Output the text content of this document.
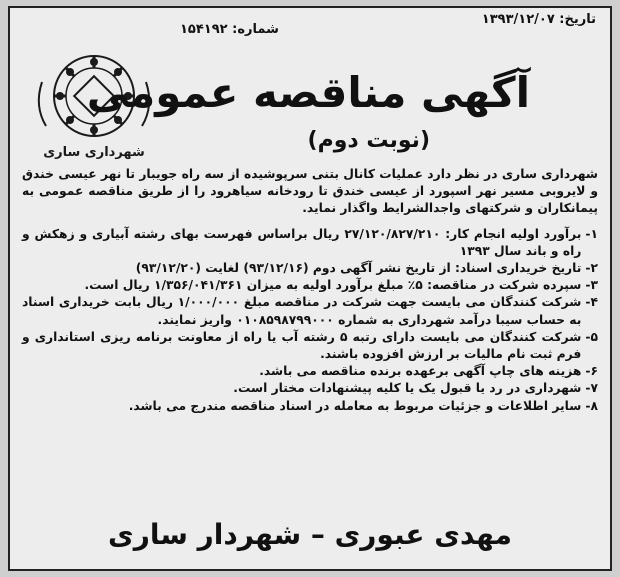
تاریخ: ۱۳۹۳/۱۲/۰۷
شماره: ۱۵۴۱۹۲
شهرداری ساری
آگهی مناقصه عمومی
(نوبت دوم)

شهرداری ساری در نظر دارد عملیات کانال بتنی سرپوشیده از سه راه جویبار تا نهر عیسی خندق و لایروبی مسیر نهر اسپورد از عیسی خندق تا رودخانه سیاهرود را از طریق مناقصه عمومی به پیمانکاران و شرکتهای واجدالشرایط واگذار نماید.

۱-
برآورد اولیه انجام کار: ۲۷/۱۲۰/۸۲۷/۲۱۰ ریال براساس فهرست بهای رشته آبیاری و زهکش و راه و باند سال ۱۳۹۳
۲-
تاریخ خریداری اسناد: از تاریخ نشر آگهی دوم (۹۳/۱۲/۱۶) لغایت (۹۳/۱۲/۲۰)
۳-
سپرده شرکت در مناقصه: ۵٪ مبلغ برآورد اولیه به میزان ۱/۳۵۶/۰۴۱/۳۶۱ ریال است.
۴-
شرکت کنندگان می بایست جهت شرکت در مناقصه مبلغ ۱/۰۰۰/۰۰۰ ریال بابت خریداری اسناد به حساب سیبا درآمد شهرداری به شماره ۰۱۰۸۵۹۸۷۹۹۰۰۰ واریز نمایند.
۵-
شرکت کنندگان می بایست دارای رتبه ۵ رشته آب یا راه از معاونت برنامه ریزی استانداری و فرم ثبت نام مالیات بر ارزش افزوده باشند.
۶-
هزینه های چاپ آگهی برعهده برنده مناقصه می باشد.
۷-
شهرداری در رد یا قبول یک یا کلیه پیشنهادات مختار است.
۸-
سایر اطلاعات و جزئیات مربوط به معامله در اسناد مناقصه مندرج می باشد.
مهدی عبوری – شهردار ساری
